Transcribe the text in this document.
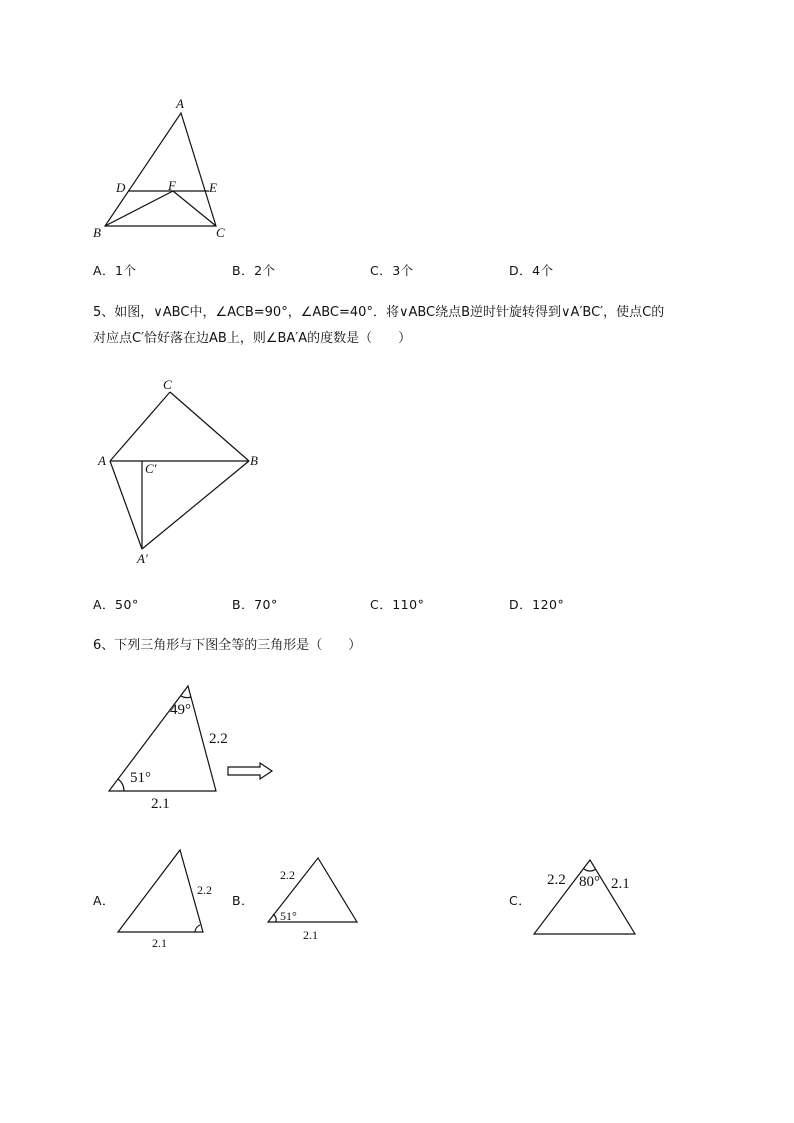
A
D	F	E
B	C
A．1个	B．2个	C．3个	D．4个
5、如图，∨ABC中，∠ACB=90°，∠ABC=40°．将∨ABC绕点B逆时针旋转得到∨A′BC′，使点C的
对应点C′恰好落在边AB上，则∠BA′A的度数是（　　）
C
A	B
C′
A′
A．50°	B．70°	C．110°	D．120°
6、下列三角形与下图全等的三角形是（　　）
49°
2.2
51°
2.1
A．	B．	C．
2.2
2.1
2.2
51°
2.1
2.2 80° 2.1
